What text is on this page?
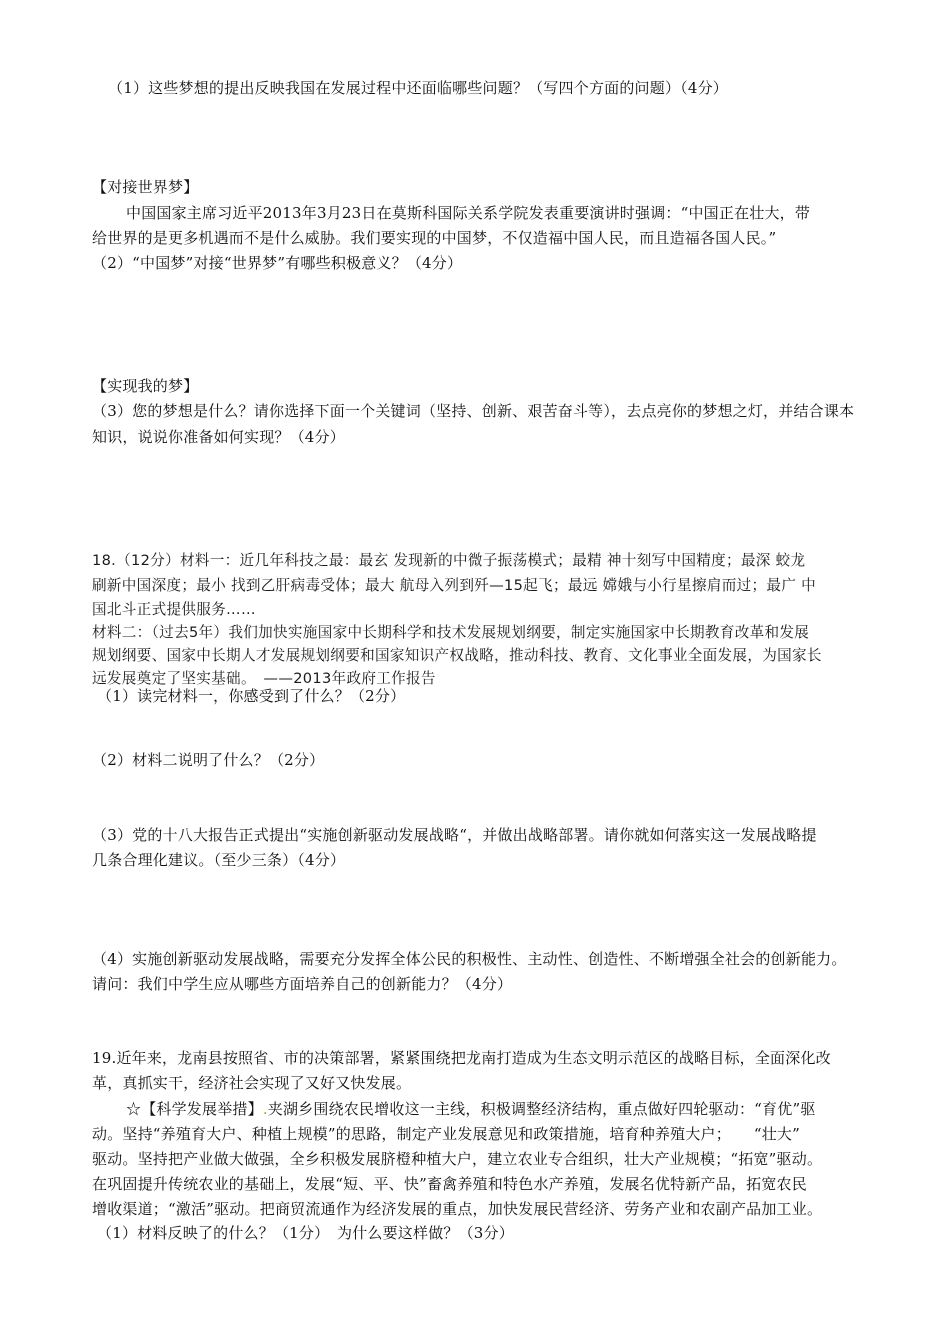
（1）这些梦想的提出反映我国在发展过程中还面临哪些问题？（写四个方面的问题）（4分）
【对接世界梦】
中国国家主席习近平2013年3月23日在莫斯科国际关系学院发表重要演讲时强调：“中国正在壮大，带
给世界的是更多机遇而不是什么威胁。我们要实现的中国梦，不仅造福中国人民，而且造福各国人民。”
（2）“中国梦”对接“世界梦”有哪些积极意义？（4分）
【实现我的梦】
（3）您的梦想是什么？请你选择下面一个关键词（坚持、创新、艰苦奋斗等），去点亮你的梦想之灯，并结合课本
知识，说说你准备如何实现？（4分）
18.（12分）材料一：近几年科技之最：最玄 发现新的中微子振荡模式；最精 神十刻写中国精度；最深 蛟龙
刷新中国深度；最小 找到乙肝病毒受体；最大 航母入列到歼—15起飞；最远 嫦娥与小行星擦肩而过；最广 中
国北斗正式提供服务……
材料二：（过去5年）我们加快实施国家中长期科学和技术发展规划纲要，制定实施国家中长期教育改革和发展
规划纲要、国家中长期人才发展规划纲要和国家知识产权战略，推动科技、教育、文化事业全面发展，为国家长
远发展奠定了坚实基础。　——2013年政府工作报告
（1）读完材料一，你感受到了什么？（2分）
（2）材料二说明了什么？（2分）
（3）党的十八大报告正式提出“实施创新驱动发展战略“，并做出战略部署。请你就如何落实这一发展战略提
几条合理化建议。（至少三条）（4分）
（4）实施创新驱动发展战略，需要充分发挥全体公民的积极性、主动性、创造性、不断增强全社会的创新能力。
请问：我们中学生应从哪些方面培养自己的创新能力？（4分）
19.近年来，龙南县按照省、市的决策部署，紧紧围绕把龙南打造成为生态文明示范区的战略目标，全面深化改
革，真抓实干，经济社会实现了又好又快发展。
☆【科学发展举措】.夹湖乡围绕农民增收这一主线，积极调整经济结构，重点做好四轮驱动：“育优”驱
动。坚持“养殖育大户、种植上规模”的思路，制定产业发展意见和政策措施，培育种养殖大户；　　“壮大”
驱动。坚持把产业做大做强，全乡积极发展脐橙种植大户，建立农业专合组织，壮大产业规模；“拓宽”驱动。
在巩固提升传统农业的基础上，发展“短、平、快”畜禽养殖和特色水产养殖，发展名优特新产品，拓宽农民
增收渠道；“激活”驱动。把商贸流通作为经济发展的重点，加快发展民营经济、劳务产业和农副产品加工业。
（1）材料反映了的什么？（1分）　为什么要这样做？（3分）
